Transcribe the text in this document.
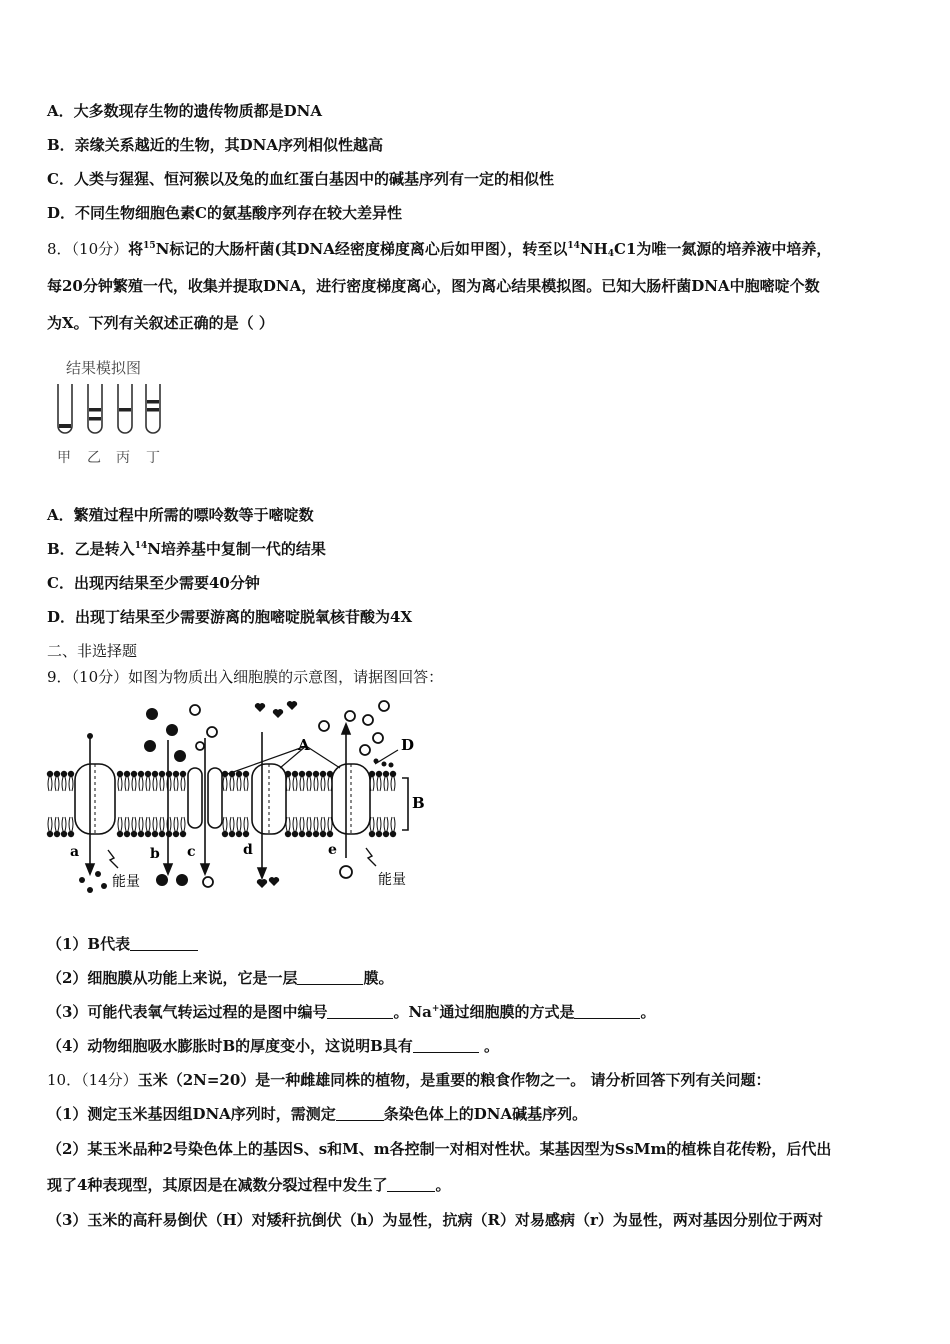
A．大多数现存生物的遗传物质都是DNA
B．亲缘关系越近的生物，其DNA序列相似性越高
C．人类与猩猩、恒河猴以及兔的血红蛋白基因中的碱基序列有一定的相似性
D．不同生物细胞色素C的氨基酸序列存在较大差异性
8．（10分）将$^{15}$N标记的大肠杆菌(其DNA经密度梯度离心后如甲图），转至以$^{14}NH_4C1$为唯一氮源的培养液中培养，
每20分钟繁殖一代，收集并提取DNA，进行密度梯度离心，图为离心结果模拟图。已知大肠杆菌DNA中胞嘧啶个数
为X。下列有关叙述正确的是（ ）
结果模拟图
甲 乙 丙 丁
A．繁殖过程中所需的嘌呤数等于嘧啶数
B．乙是转入$^{14}$N培养基中复制一代的结果
C．出现丙结果至少需要40分钟
D．出现丁结果至少需要游离的胞嘧啶脱氧核苷酸为4X
二、非选择题
9．（10分）如图为物质出入细胞膜的示意图，请据图回答：
B
A	D
a	b c	d	e
能量	能量
（1）B代表
（2）细胞膜从功能上来说，它是一层	膜。
（3）可能代表氧气转运过程的是图中编号	。Na+通过细胞膜的方式是	。
（4）动物细胞吸水膨胀时B的厚度变小，这说明B具有	。
10．（14分）玉米（2N=20）是一种雌雄同株的植物，是重要的粮食作物之一。 请分析回答下列有关问题：
（1）测定玉米基因组DNA序列时，需测定	条染色体上的DNA碱基序列。
（2）某玉米品种2号染色体上的基因S、s和M、m各控制一对相对性状。某基因型为SsMm的植株自花传粉，后代出
现了4种表现型，其原因是在减数分裂过程中发生了	。
（3）玉米的高秆易倒伏（H）对矮秆抗倒伏（h）为显性，抗病（R）对易感病（r）为显性，两对基因分别位于两对
